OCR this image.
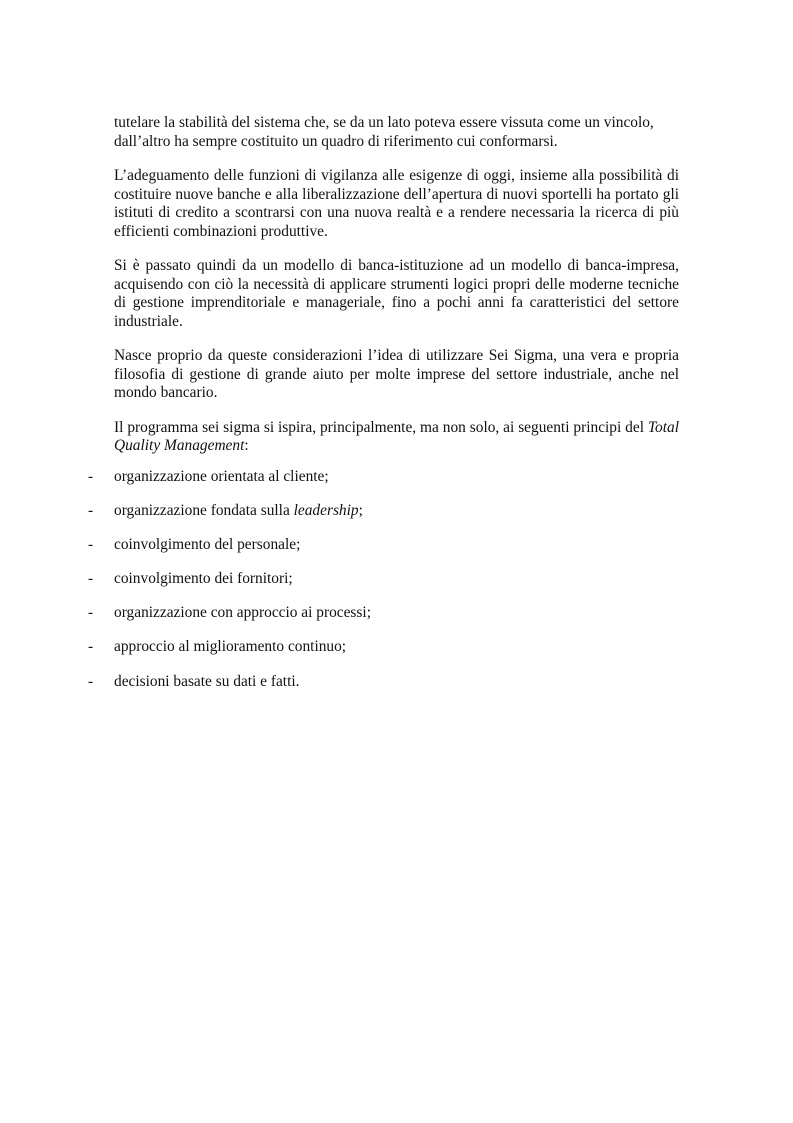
tutelare la stabilità del sistema che, se da un lato poteva essere vissuta come un vincolo, dall’altro ha sempre costituito un quadro di riferimento cui conformarsi.

L’adeguamento delle funzioni di vigilanza alle esigenze di oggi, insieme alla possibilità di costituire nuove banche e alla liberalizzazione dell’apertura di nuovi sportelli ha portato gli istituti di credito a scontrarsi con una nuova realtà e a rendere necessaria la ricerca di più efficienti combinazioni produttive.

Si è passato quindi da un modello di banca-istituzione ad un modello di banca-impresa, acquisendo con ciò la necessità di applicare strumenti logici propri delle moderne tecniche di gestione imprenditoriale e manageriale, fino a pochi anni fa caratteristici del settore industriale.

Nasce proprio da queste considerazioni l’idea di utilizzare Sei Sigma, una vera e propria filosofia di gestione di grande aiuto per molte imprese del settore industriale, anche nel mondo bancario.

Il programma sei sigma si ispira, principalmente, ma non solo, ai seguenti principi del Total Quality Management:

- organizzazione orientata al cliente;
- organizzazione fondata sulla leadership;
- coinvolgimento del personale;
- coinvolgimento dei fornitori;
- organizzazione con approccio ai processi;
- approccio al miglioramento continuo;
- decisioni basate su dati e fatti.
